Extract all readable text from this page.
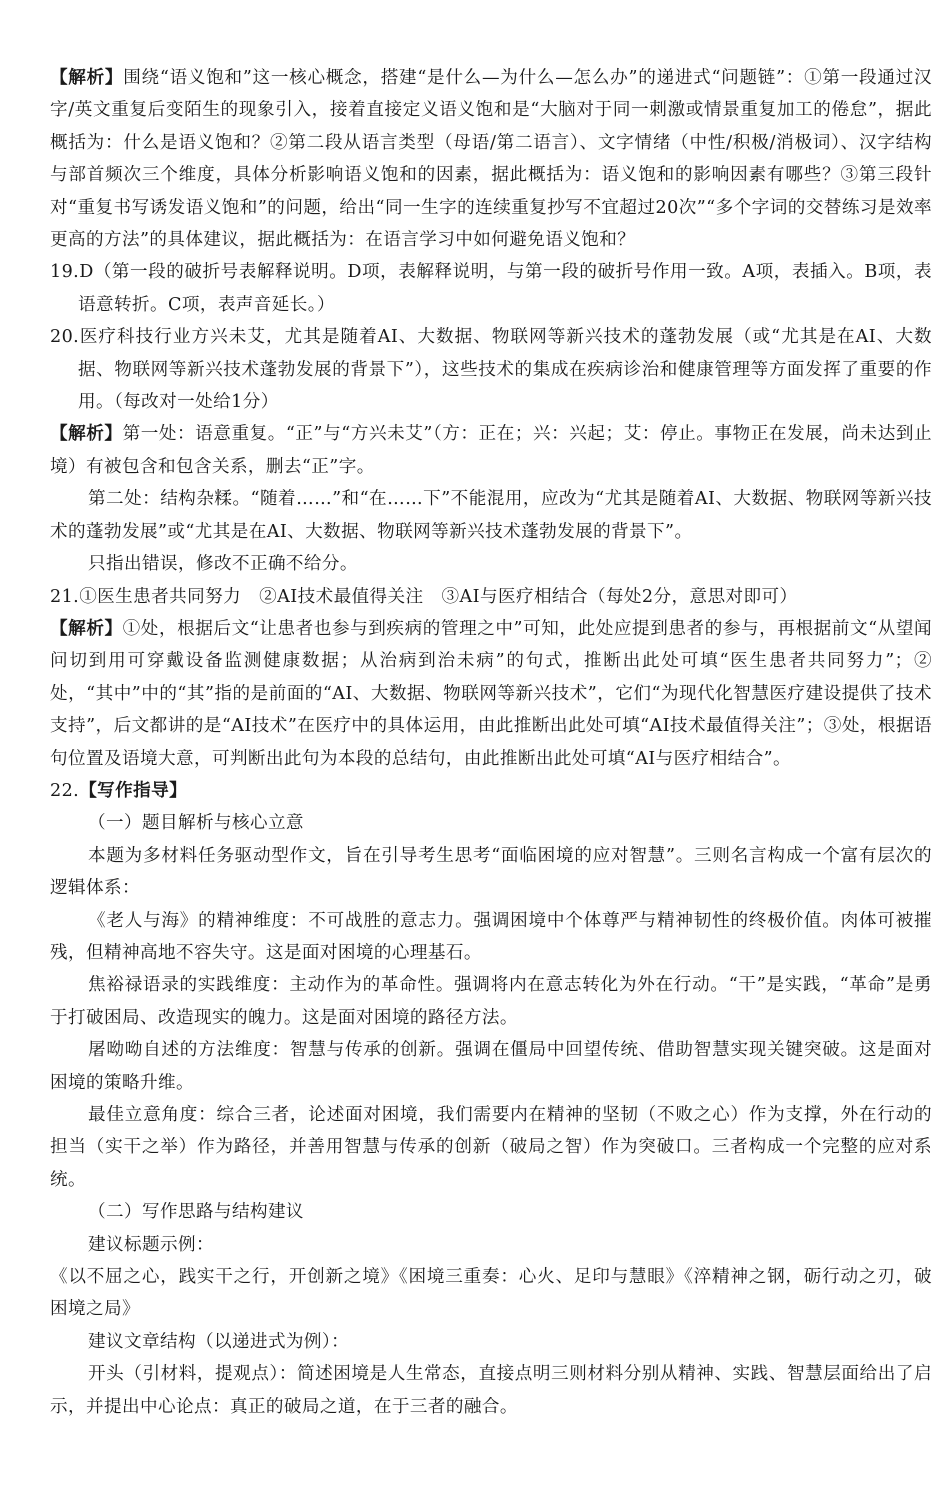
【解析】围绕“语义饱和”这一核心概念，搭建“是什么—为什么—怎么办”的递进式“问题链”：①第一段通过汉字/英文重复后变陌生的现象引入，接着直接定义语义饱和是“大脑对于同一刺激或情景重复加工的倦怠”，据此概括为：什么是语义饱和？②第二段从语言类型（母语/第二语言）、文字情绪（中性/积极/消极词）、汉字结构与部首频次三个维度，具体分析影响语义饱和的因素，据此概括为：语义饱和的影响因素有哪些？③第三段针对“重复书写诱发语义饱和”的问题，给出“同一生字的连续重复抄写不宜超过20次”“多个字词的交替练习是效率更高的方法”的具体建议，据此概括为：在语言学习中如何避免语义饱和？

19.D（第一段的破折号表解释说明。D项，表解释说明，与第一段的破折号作用一致。A项，表插入。B项，表语意转折。C项，表声音延长。）

20.医疗科技行业方兴未艾，尤其是随着AI、大数据、物联网等新兴技术的蓬勃发展（或“尤其是在AI、大数据、物联网等新兴技术蓬勃发展的背景下”），这些技术的集成在疾病诊治和健康管理等方面发挥了重要的作用。（每改对一处给1分）

【解析】第一处：语意重复。“正”与“方兴未艾”（方：正在；兴：兴起；艾：停止。事物正在发展，尚未达到止境）有被包含和包含关系，删去“正”字。

第二处：结构杂糅。“随着……”和“在……下”不能混用，应改为“尤其是随着AI、大数据、物联网等新兴技术的蓬勃发展”或“尤其是在AI、大数据、物联网等新兴技术蓬勃发展的背景下”。

只指出错误，修改不正确不给分。

21.①医生患者共同努力　②AI技术最值得关注　③AI与医疗相结合（每处2分，意思对即可）

【解析】①处，根据后文“让患者也参与到疾病的管理之中”可知，此处应提到患者的参与，再根据前文“从望闻问切到用可穿戴设备监测健康数据；从治病到治未病”的句式，推断出此处可填“医生患者共同努力”；②处，“其中”中的“其”指的是前面的“AI、大数据、物联网等新兴技术”，它们“为现代化智慧医疗建设提供了技术支持”，后文都讲的是“AI技术”在医疗中的具体运用，由此推断出此处可填“AI技术最值得关注”；③处，根据语句位置及语境大意，可判断出此句为本段的总结句，由此推断出此处可填“AI与医疗相结合”。

22.【写作指导】

（一）题目解析与核心立意

本题为多材料任务驱动型作文，旨在引导考生思考“面临困境的应对智慧”。三则名言构成一个富有层次的逻辑体系：

《老人与海》的精神维度：不可战胜的意志力。强调困境中个体尊严与精神韧性的终极价值。肉体可被摧残，但精神高地不容失守。这是面对困境的心理基石。

焦裕禄语录的实践维度：主动作为的革命性。强调将内在意志转化为外在行动。“干”是实践，“革命”是勇于打破困局、改造现实的魄力。这是面对困境的路径方法。

屠呦呦自述的方法维度：智慧与传承的创新。强调在僵局中回望传统、借助智慧实现关键突破。这是面对困境的策略升维。

最佳立意角度：综合三者，论述面对困境，我们需要内在精神的坚韧（不败之心）作为支撑，外在行动的担当（实干之举）作为路径，并善用智慧与传承的创新（破局之智）作为突破口。三者构成一个完整的应对系统。

（二）写作思路与结构建议

建议标题示例：

《以不屈之心，践实干之行，开创新之境》《困境三重奏：心火、足印与慧眼》《淬精神之钢，砺行动之刃，破困境之局》

建议文章结构（以递进式为例）：

开头（引材料，提观点）：简述困境是人生常态，直接点明三则材料分别从精神、实践、智慧层面给出了启示，并提出中心论点：真正的破局之道，在于三者的融合。
